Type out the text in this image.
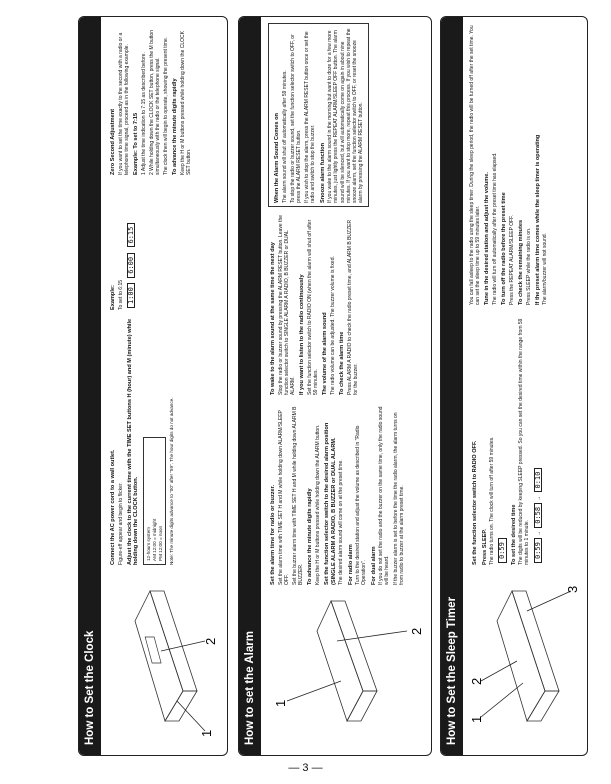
How to Set the Clock	1
2
Connect the AC power cord to a wall outlet. Figure-eff appear and begin to flicker. Adjust the clock to the current time with the TIME SET buttons H (hour) and M (minute) while holding down the CLOCK button. 12-hours system AM 12:00 = midnight PM 12:00 = noon Note: The minute digits advance to "00" after "59". The hour digits do not advance.
Example: To set to 6:15 1:00 6:00 6:15
Zero Second Adjustment If you want to set the time exactly to the second with a radio or a telephone time signal, proceed as in the following example. Example: To set to 7:15 1 Adjust the time indication to 7:15 as described before. 2 While holding down the CLOCK SET button, press the M button simultaneously with the radio or the telephone signal. The clock then will begin to operate, showing the present time. To advance the minute digits rapidly Keep the H or M buttons pressed while holding down the CLOCK SET button.
How to set the Alarm	1
2
Set the alarm time for radio or buzzer. Set the alarm time with TIME SET H and M while holding down ALARM/SLEEP OFF. Set the buzzer alarm time with TIME SET H and M while holding down ALARM B BUZZER. To advance the minute digits rapidly Keep the H or M buttons pressed while holding down the ALARM button. Set the function selector switch to the desired alarm position (SINGLE ALARM A RADIO, B BUZZER or DUAL ALARM. The desired alarm sound will come on at the preset time. For radio alarm Turn to the desired station and adjust the volume as described in "Radio Operation". For dual alarm If you do not set the radio and the buzzer on the same time, only the radio sound will be heard. If the buzzer alarm is set to before the time the radio alarm, the alarm turns on from radio to buzzer at the alarm preset time.
To wake to the alarm sound at the same time the next day Stop the radio or buzzer sound by pressing the ALARM RESET button. Leave the function selector switch to SINGLE ALARM A RADIO, B BUZZER or DUAL ALARM. If you want to listen to the radio continuously Set the function selector switch to RADIO ON (when the alarm will shut off after 59 minutes. The volume of the alarm sound The radio volume can be adjusted. The buzzer volume is fixed. To check the alarm time Press ALARM A RADIO to check the radio preset time, and ALARM B BUZZER for the buzzer.
When the Alarm Sound Comes on The alarm sound will shut off automatically after 59 minutes. To stop the radio or buzzer sound, set the function selector switch to OFF, or press the ALARM RESET button. If you wish to stop the alarm, press the ALARM RESET button once or set the radio and switch to stop the buzzer. Snooze alarm function If you wake to the alarm sound in the morning but want to doze for a few more minutes, just lightly press the REPEAT ALARM/SLEEP OFF button. The alarm sound will be silenced, but will automatically come on again in about nine minutes. If you want to stop more, repeat this process. If you wish to repeat the snooze alarm, set the function selector switch to OFF, or reset the snooze alarm by pressing the ALARM RESET button.
How to Set the Sleep Timer 1
2
3
Set the function selector switch to RADIO OFF. Press SLEEP. The radio turns on. The clock will turn off after 59 minutes. 0:59 To set the desired time The digits will be reduced by keeping SLEEP pressed. So you can set the desired time within the range from 59 minutes to 1 minute. 0:59→ 0:58→ 0:10
You can fall asleep to the radio using the sleep timer. During the sleep period, the radio will be turned off after the set time. You can set the sleep time up to 59 minutes later. Tune in the desired station and adjust the volume. The radio will turn off automatically after the preset time has elapsed. To turn off the radio before the preset time Press the REPEAT ALARM/SLEEP OFF. To check the remaining minutes Press SLEEP while the radio is on. If the preset alarm time comes while the sleep timer is operating The alarm/buzzer will not sound.
— 3 —
